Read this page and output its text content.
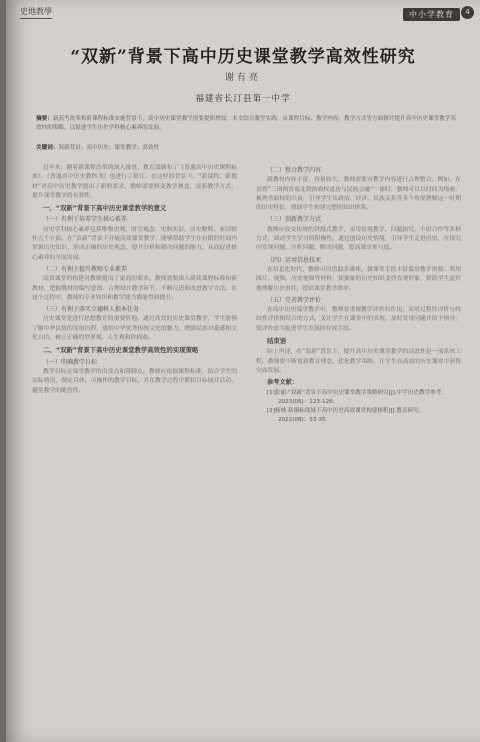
史地教學	中小学教育	4
“双新”背景下高中历史课堂教学高效性研究
谢有亮
福建省长汀县第一中学
摘要：新高考改革和新课程标准实施背景下，高中历史课堂教学需要提质增效。本文结合教学实践，从课程目标、教学内容、教学方式等方面探讨提升高中历史课堂教学高效性的策略，以促进学生历史学科核心素养的发展。
关键词：双新背景；高中历史；课堂教学；高效性

近年来，随着新课程改革的深入推进，教育部颁布了《普通高中历史课程标准》，《普通高中历史教科书》也进行了修订。在这样的背景下，“新课程、新教材”对高中历史教学提出了新的要求，教师需要转变教学观念，更新教学方式，提升课堂教学的有效性。

一、“双新”背景下高中历史课堂教学的意义
（一）有利于培养学生核心素养

历史学科核心素养包括唯物史观、时空观念、史料实证、历史解释、家国情怀五个方面。在“双新”背景下开展高效课堂教学，能够帮助学生在有限的时间内掌握历史知识，形成正确的历史观念，提升分析和解决问题的能力，从而促进核心素养的全面发展。

（二）有利于提升教师专业素养

高效课堂的构建对教师提出了更高的要求。教师需要深入研读课程标准和新教材，把握教材的编写意图，合理设计教学环节，不断反思和改进教学方法。在这个过程中，教师的专业知识和教学能力都能得到提升。

（三）有利于落实立德树人根本任务

历史课堂是进行思想教育的重要阵地。通过高效的历史课堂教学，学生能够了解中华民族的发展历程，感悟中华优秀传统文化的魅力，增强民族自豪感和文化自信，树立正确的世界观、人生观和价值观。

二、“双新”背景下高中历史课堂教学高效性的实现策略
（一）明确教学目标

教学目标是课堂教学的出发点和落脚点。教师应依据课程标准，结合学生的实际情况，制定具体、可操作的教学目标，并在教学过程中紧扣目标展开活动，避免教学的随意性。

（二）整合教学内容

新教材内容丰富，容量较大，教师需要对教学内容进行合理整合。例如，在讲授“三国两晋南北朝的政权更迭与民族交融”一课时，教师可以以时间为线索，梳理各政权的兴衰，引导学生从政治、经济、民族关系等多个角度理解这一时期的历史特征，帮助学生构建完整的知识体系。

（三）创新教学方式

教师应改变传统的讲授式教学，采用情境教学、问题探究、小组合作等多种方式，调动学生学习的积极性。通过创设历史情境，引导学生走进历史，在探究中发现问题、分析问题、解决问题，提高课堂参与度。

（四）运用信息技术

在信息化时代，教师可以借助多媒体、微课等手段丰富课堂教学资源。利用图片、视频、历史地图等材料，使抽象的历史知识变得直观形象，帮助学生更好地理解历史事件，提高课堂教学效率。

（五）完善教学评价

在高中历史课堂教学中，教师要重视教学评价的作用，采用过程性评价与终结性评价相结合的方式，关注学生在课堂中的表现，及时发现问题并给予指导，使评价成为促进学生发展的有效手段。

结束语

综上所述，在“双新”背景下，提升高中历史课堂教学的高效性是一项系统工程。教师要不断更新教育理念，优化教学策略，让学生在高效的历史课堂中获得全面发展。

参考文献：

[1]张丽.“双新”背景下高中历史课堂教学策略研究[J].中学历史教学参考，

2023(06)：123-126.

[2]杨林.新课标视域下高中历史高效课堂构建探析[J].教育研究，

2022(08)：33-35.
